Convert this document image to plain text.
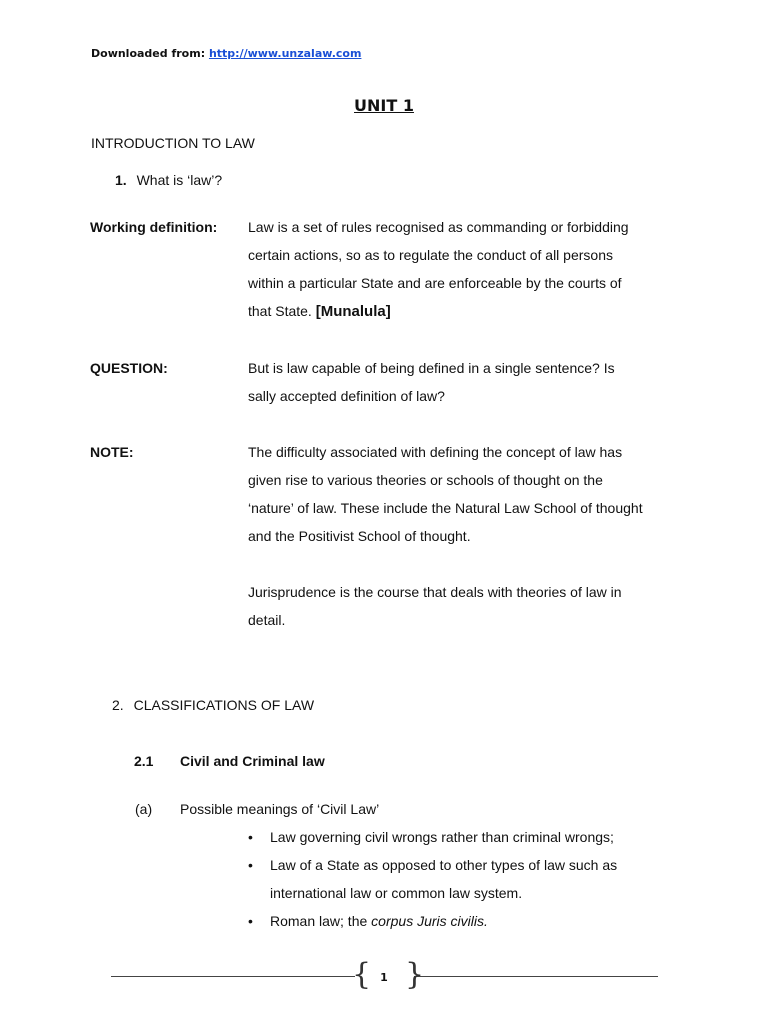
Downloaded from: http://www.unzalaw.com
UNIT 1
INTRODUCTION TO LAW
1. What is ‘law’?
Working definition: Law is a set of rules recognised as commanding or forbidding
certain actions, so as to regulate the conduct of all persons
within a particular State and are enforceable by the courts of
that State. [Munalula]
QUESTION:	But is law capable of being defined in a single sentence? Is
sally accepted definition of law?
NOTE:	The difficulty associated with defining the concept of law has
given rise to various theories or schools of thought on the
‘nature’ of law. These include the Natural Law School of thought
and the Positivist School of thought.
Jurisprudence is the course that deals with theories of law in
detail.
2. CLASSIFICATIONS OF LAW
2.1 Civil and Criminal law
(a) Possible meanings of ‘Civil Law’
• Law governing civil wrongs rather than criminal wrongs;
• Law of a State as opposed to other types of law such as
international law or common law system.
• Roman law; the corpus Juris civilis.
{ }
1
